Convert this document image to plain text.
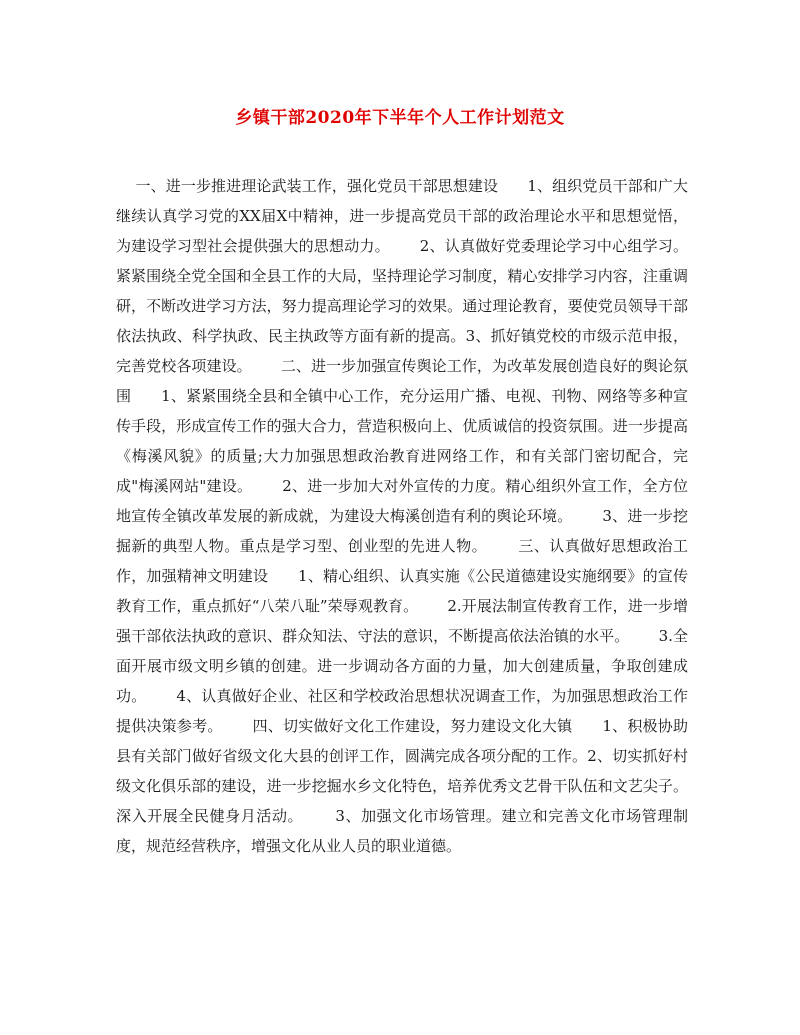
乡镇干部2020年下半年个人工作计划范文

一、进一步推进理论武装工作，强化党员干部思想建设      1、组织党员干部和广大继续认真学习党的XX届X中精神，进一步提高党员干部的政治理论水平和思想觉悟，为建设学习型社会提供强大的思想动力。      2、认真做好党委理论学习中心组学习。紧紧围绕全党全国和全县工作的大局，坚持理论学习制度，精心安排学习内容，注重调研，不断改进学习方法，努力提高理论学习的效果。通过理论教育，要使党员领导干部依法执政、科学执政、民主执政等方面有新的提高。3、抓好镇党校的市级示范申报，完善党校各项建设。      二、进一步加强宣传舆论工作，为改革发展创造良好的舆论氛围      1、紧紧围绕全县和全镇中心工作，充分运用广播、电视、刊物、网络等多种宣传手段，形成宣传工作的强大合力，营造积极向上、优质诚信的投资氛围。进一步提高《梅溪风貌》的质量;大力加强思想政治教育进网络工作，和有关部门密切配合，完成"梅溪网站"建设。      2、进一步加大对外宣传的力度。精心组织外宣工作，全方位地宣传全镇改革发展的新成就，为建设大梅溪创造有利的舆论环境。      3、进一步挖掘新的典型人物。重点是学习型、创业型的先进人物。      三、认真做好思想政治工作，加强精神文明建设      1、精心组织、认真实施《公民道德建设实施纲要》的宣传教育工作，重点抓好“八荣八耻”荣辱观教育。      2.开展法制宣传教育工作，进一步增强干部依法执政的意识、群众知法、守法的意识，不断提高依法治镇的水平。      3.全面开展市级文明乡镇的创建。进一步调动各方面的力量，加大创建质量，争取创建成功。      4、认真做好企业、社区和学校政治思想状况调查工作，为加强思想政治工作提供决策参考。      四、切实做好文化工作建设，努力建设文化大镇      1、积极协助县有关部门做好省级文化大县的创评工作，圆满完成各项分配的工作。2、切实抓好村级文化俱乐部的建设，进一步挖掘水乡文化特色，培养优秀文艺骨干队伍和文艺尖子。深入开展全民健身月活动。      3、加强文化市场管理。建立和完善文化市场管理制度，规范经营秩序，增强文化从业人员的职业道德。
